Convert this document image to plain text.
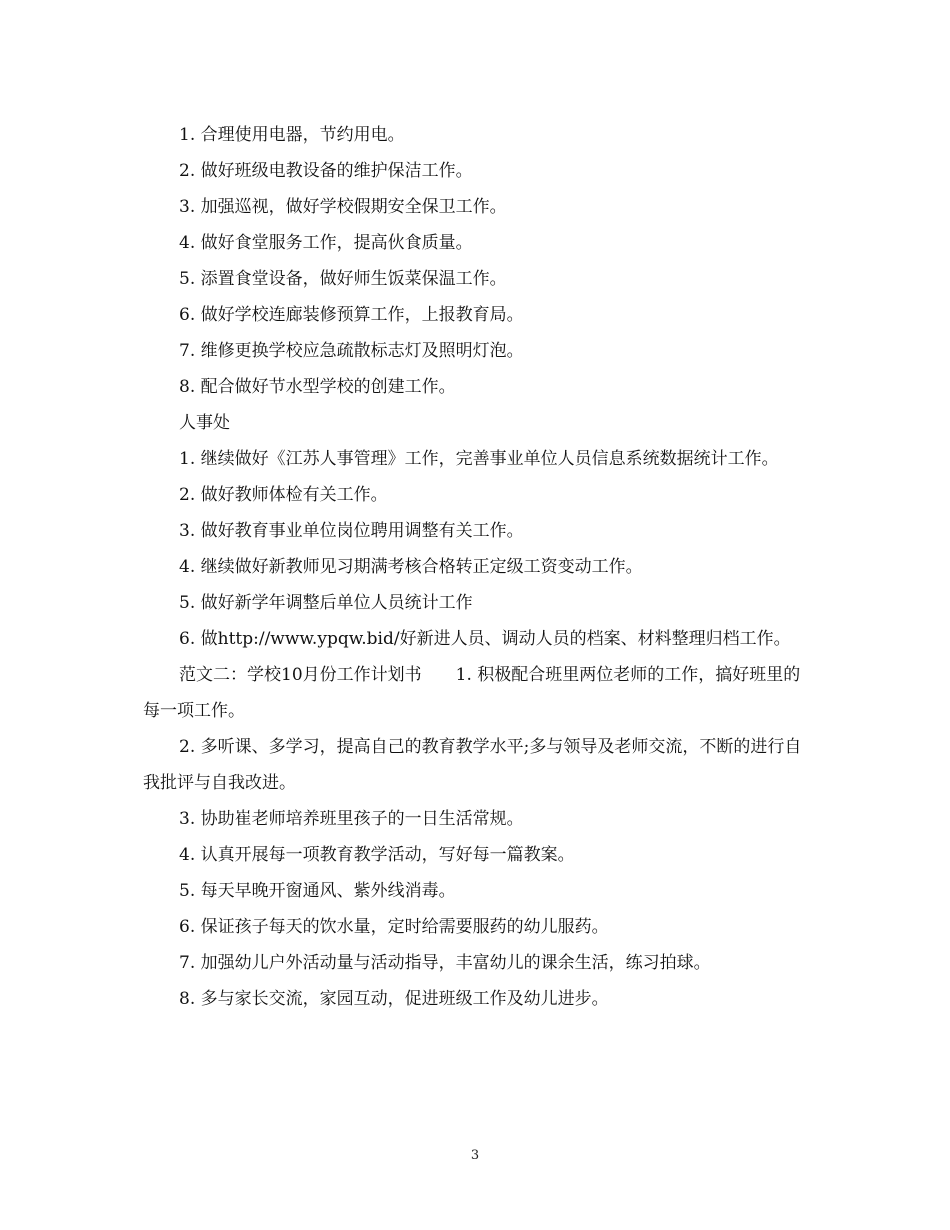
1. 合理使用电器，节约用电。

2. 做好班级电教设备的维护保洁工作。

3. 加强巡视，做好学校假期安全保卫工作。

4. 做好食堂服务工作，提高伙食质量。

5. 添置食堂设备，做好师生饭菜保温工作。

6. 做好学校连廊装修预算工作，上报教育局。

7. 维修更换学校应急疏散标志灯及照明灯泡。

8. 配合做好节水型学校的创建工作。

人事处

1. 继续做好《江苏人事管理》工作，完善事业单位人员信息系统数据统计工作。

2. 做好教师体检有关工作。

3. 做好教育事业单位岗位聘用调整有关工作。

4. 继续做好新教师见习期满考核合格转正定级工资变动工作。

5. 做好新学年调整后单位人员统计工作

6. 做http://www.ypqw.bid/好新进人员、调动人员的档案、材料整理归档工作。

范文二：学校10月份工作计划书　　1. 积极配合班里两位老师的工作，搞好班里的每一项工作。

2. 多听课、多学习，提高自己的教育教学水平;多与领导及老师交流，不断的进行自我批评与自我改进。

3. 协助崔老师培养班里孩子的一日生活常规。

4. 认真开展每一项教育教学活动，写好每一篇教案。

5. 每天早晚开窗通风、紫外线消毒。

6. 保证孩子每天的饮水量，定时给需要服药的幼儿服药。

7. 加强幼儿户外活动量与活动指导，丰富幼儿的课余生活，练习拍球。

8. 多与家长交流，家园互动，促进班级工作及幼儿进步。

3
